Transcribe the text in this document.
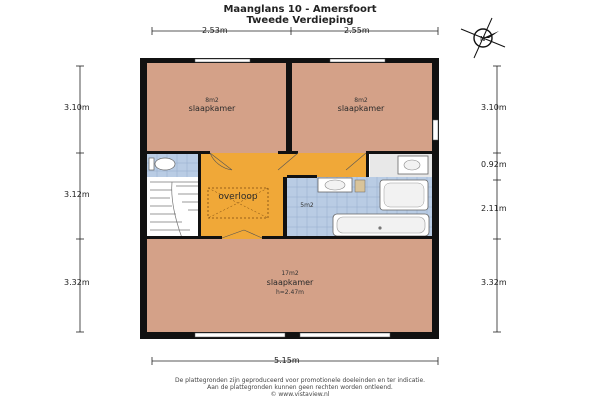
Maanglans 10 - Amersfoort
Tweede Verdieping
N
2.53m	2.55m
5.15m
3.10m
3.12m
3.32m
3.10m
0.92m
2.11m
3.32m
8m2
slaapkamer
8m2
slaapkamer
overloop
5m2
17m2
slaapkamer
h=2.47m
De plattegronden zijn geproduceerd voor promotionele doeleinden en ter indicatie.
Aan de plattegronden kunnen geen rechten worden ontleend.
© www.vistaview.nl
